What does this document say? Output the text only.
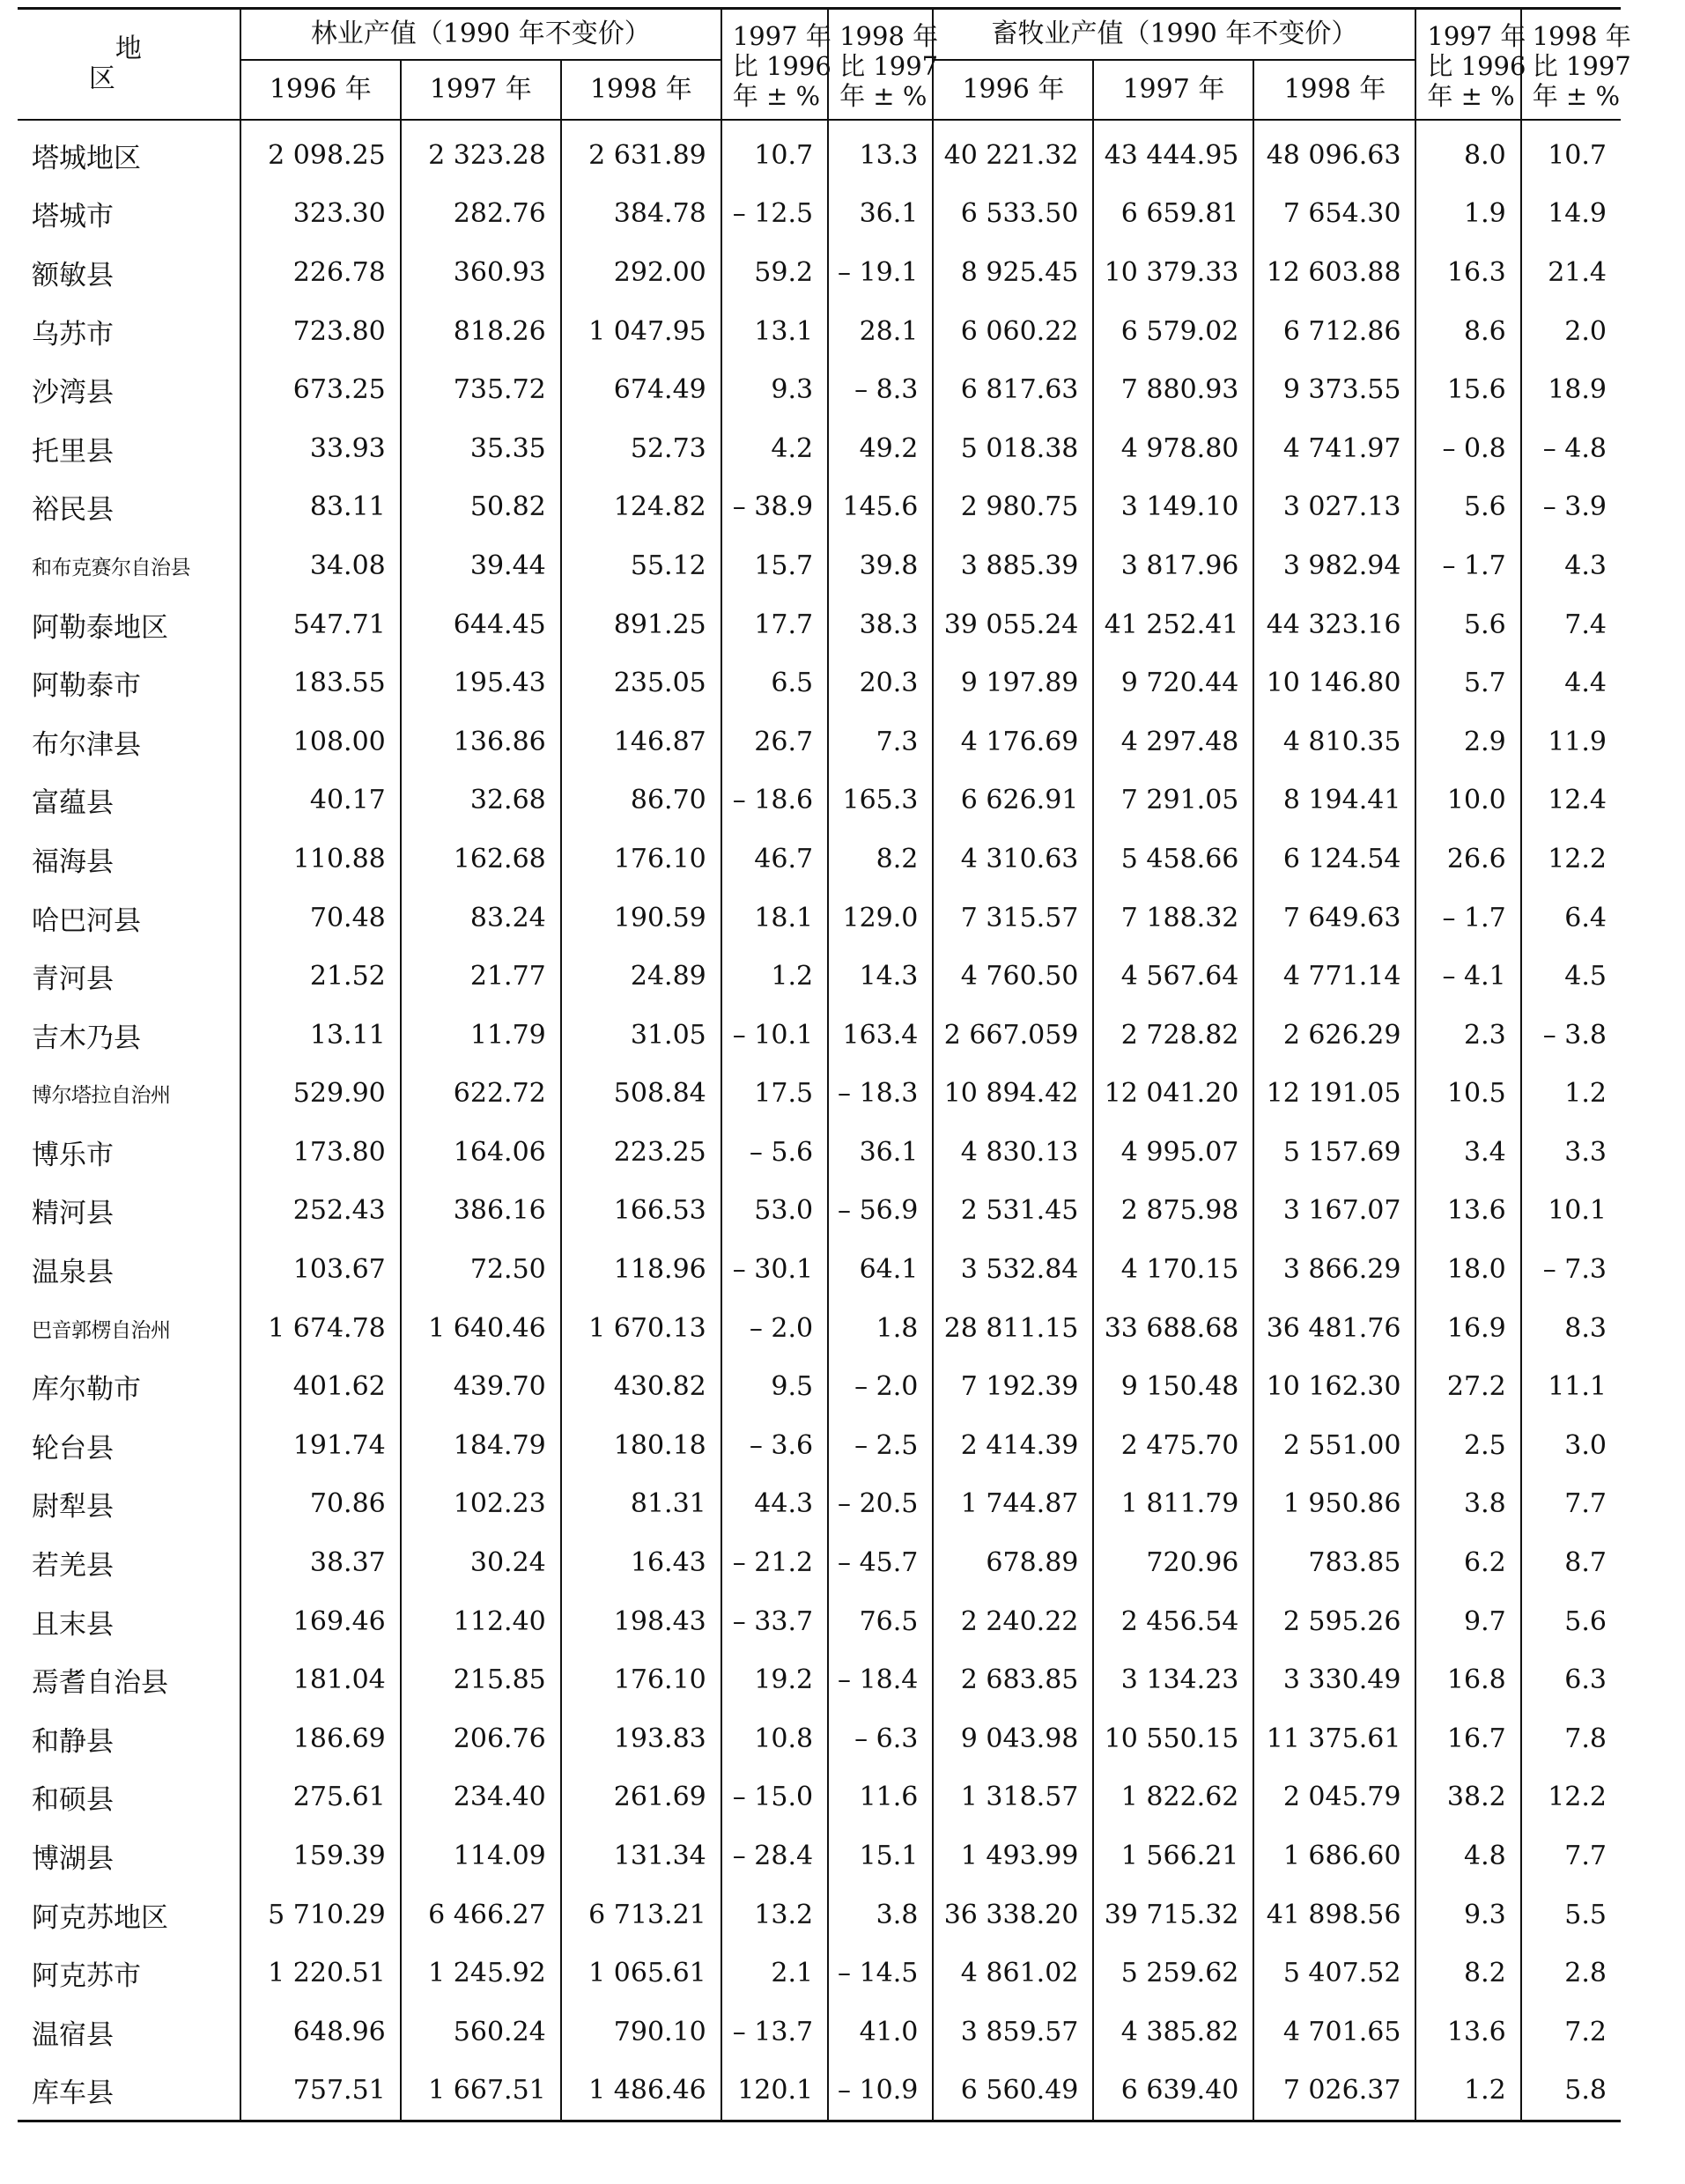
地　区	林业产值（1990 年不变价）			1997 年
比 1996
年 ± %	1998 年
比 1997
年 ± %	畜牧业产值（1990 年不变价）			1997 年
比 1996
年 ± %	1998 年
比 1997
年 ± %

	1996 年	1997 年	1998 年			1996 年	1997 年	1998 年		
塔城地区	2 098.25	2 323.28	2 631.89	10.7	13.3	40 221.32	43 444.95	48 096.63	8.0	10.7
塔城市	323.30	282.76	384.78	– 12.5	36.1	6 533.50	6 659.81	7 654.30	1.9	14.9
额敏县	226.78	360.93	292.00	59.2	– 19.1	8 925.45	10 379.33	12 603.88	16.3	21.4
乌苏市	723.80	818.26	1 047.95	13.1	28.1	6 060.22	6 579.02	6 712.86	8.6	2.0
沙湾县	673.25	735.72	674.49	9.3	– 8.3	6 817.63	7 880.93	9 373.55	15.6	18.9
托里县	33.93	35.35	52.73	4.2	49.2	5 018.38	4 978.80	4 741.97	– 0.8	– 4.8
裕民县	83.11	50.82	124.82	– 38.9	145.6	2 980.75	3 149.10	3 027.13	5.6	– 3.9
和布克赛尔自治县	34.08	39.44	55.12	15.7	39.8	3 885.39	3 817.96	3 982.94	– 1.7	4.3
阿勒泰地区	547.71	644.45	891.25	17.7	38.3	39 055.24	41 252.41	44 323.16	5.6	7.4
阿勒泰市	183.55	195.43	235.05	6.5	20.3	9 197.89	9 720.44	10 146.80	5.7	4.4
布尔津县	108.00	136.86	146.87	26.7	7.3	4 176.69	4 297.48	4 810.35	2.9	11.9
富蕴县	40.17	32.68	86.70	– 18.6	165.3	6 626.91	7 291.05	8 194.41	10.0	12.4
福海县	110.88	162.68	176.10	46.7	8.2	4 310.63	5 458.66	6 124.54	26.6	12.2
哈巴河县	70.48	83.24	190.59	18.1	129.0	7 315.57	7 188.32	7 649.63	– 1.7	6.4
青河县	21.52	21.77	24.89	1.2	14.3	4 760.50	4 567.64	4 771.14	– 4.1	4.5
吉木乃县	13.11	11.79	31.05	– 10.1	163.4	2 667.059	2 728.82	2 626.29	2.3	– 3.8
博尔塔拉自治州	529.90	622.72	508.84	17.5	– 18.3	10 894.42	12 041.20	12 191.05	10.5	1.2
博乐市	173.80	164.06	223.25	– 5.6	36.1	4 830.13	4 995.07	5 157.69	3.4	3.3
精河县	252.43	386.16	166.53	53.0	– 56.9	2 531.45	2 875.98	3 167.07	13.6	10.1
温泉县	103.67	72.50	118.96	– 30.1	64.1	3 532.84	4 170.15	3 866.29	18.0	– 7.3
巴音郭楞自治州	1 674.78	1 640.46	1 670.13	– 2.0	1.8	28 811.15	33 688.68	36 481.76	16.9	8.3
库尔勒市	401.62	439.70	430.82	9.5	– 2.0	7 192.39	9 150.48	10 162.30	27.2	11.1
轮台县	191.74	184.79	180.18	– 3.6	– 2.5	2 414.39	2 475.70	2 551.00	2.5	3.0
尉犁县	70.86	102.23	81.31	44.3	– 20.5	1 744.87	1 811.79	1 950.86	3.8	7.7
若羌县	38.37	30.24	16.43	– 21.2	– 45.7	678.89	720.96	783.85	6.2	8.7
且末县	169.46	112.40	198.43	– 33.7	76.5	2 240.22	2 456.54	2 595.26	9.7	5.6
焉耆自治县	181.04	215.85	176.10	19.2	– 18.4	2 683.85	3 134.23	3 330.49	16.8	6.3
和静县	186.69	206.76	193.83	10.8	– 6.3	9 043.98	10 550.15	11 375.61	16.7	7.8
和硕县	275.61	234.40	261.69	– 15.0	11.6	1 318.57	1 822.62	2 045.79	38.2	12.2
博湖县	159.39	114.09	131.34	– 28.4	15.1	1 493.99	1 566.21	1 686.60	4.8	7.7
阿克苏地区	5 710.29	6 466.27	6 713.21	13.2	3.8	36 338.20	39 715.32	41 898.56	9.3	5.5
阿克苏市	1 220.51	1 245.92	1 065.61	2.1	– 14.5	4 861.02	5 259.62	5 407.52	8.2	2.8
温宿县	648.96	560.24	790.10	– 13.7	41.0	3 859.57	4 385.82	4 701.65	13.6	7.2
库车县	757.51	1 667.51	1 486.46	120.1	– 10.9	6 560.49	6 639.40	7 026.37	1.2	5.8
